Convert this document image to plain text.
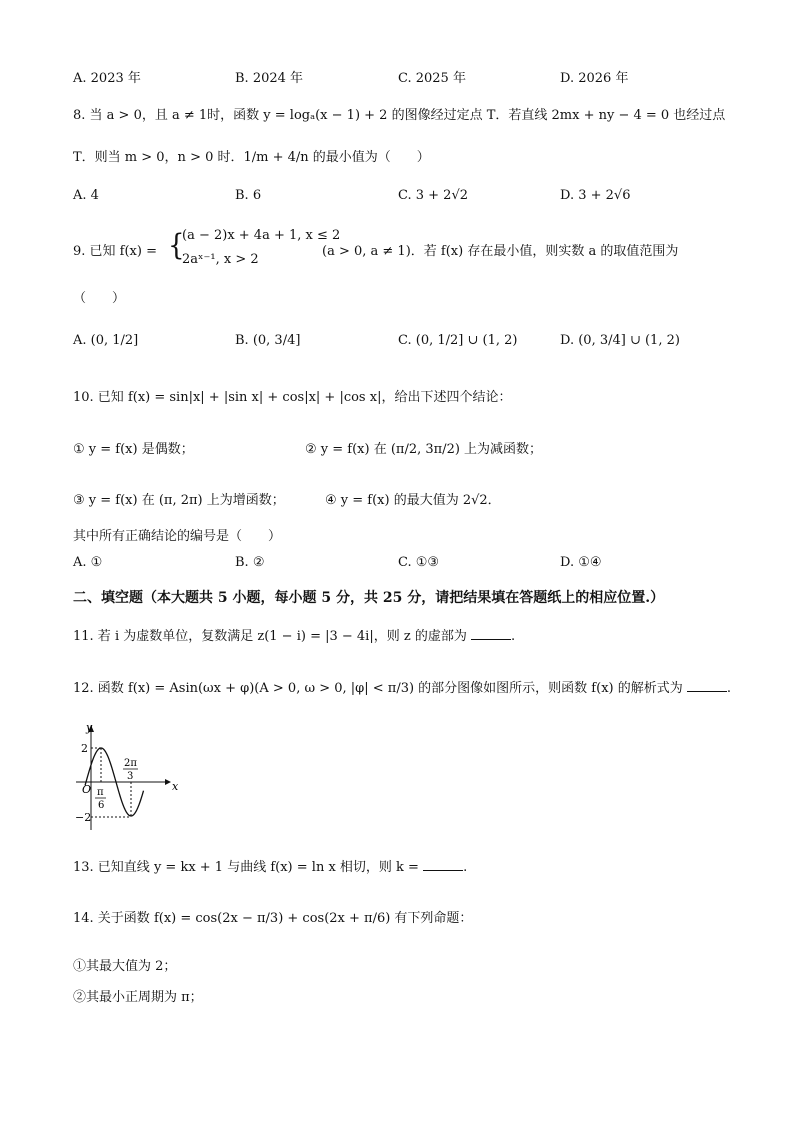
A. 2023 年	B. 2024 年	C. 2025 年	D. 2026 年
8. 当 a > 0，且 a ≠ 1时，函数 y = logₐ(x − 1) + 2 的图像经过定点 T．若直线 2mx + ny − 4 = 0 也经过点
T．则当 m > 0，n > 0 时．1/m + 4/n 的最小值为（　　）
A. 4	B. 6	C. 3 + 2√2	D. 3 + 2√6
9. 已知 f(x) = {
(a − 2)x + 4a + 1, x ≤ 2
2aˣ⁻¹, x > 2
(a > 0, a ≠ 1)．若 f(x) 存在最小值，则实数 a 的取值范围为
（　　）
A. (0, 1/2]	B. (0, 3/4]	C. (0, 1/2] ∪ (1, 2)	D. (0, 3/4] ∪ (1, 2)
10. 已知 f(x) = sin|x| + |sin x| + cos|x| + |cos x|，给出下述四个结论：
① y = f(x) 是偶数；	② y = f(x) 在 (π/2, 3π/2) 上为减函数；
③ y = f(x) 在 (π, 2π) 上为增函数；	④ y = f(x) 的最大值为 2√2．
其中所有正确结论的编号是（　　）
A. ①	B. ②	C. ①③	D. ①④
二、填空题（本大题共 5 小题，每小题 5 分，共 25 分，请把结果填在答题纸上的相应位置.）
11. 若 i 为虚数单位，复数满足 z(1 − i) = |3 − 4i|，则 z 的虚部为	.
12. 函数 f(x) = Asin(ωx + φ)(A > 0, ω > 0, |φ| < π/3) 的部分图像如图所示，则函数 f(x) 的解析式为	.
y
x
O
2
−2
π
6
2π
3
13. 已知直线 y = kx + 1 与曲线 f(x) = ln x 相切，则 k =	.
14. 关于函数 f(x) = cos(2x − π/3) + cos(2x + π/6) 有下列命题：
①其最大值为 2；
②其最小正周期为 π；
